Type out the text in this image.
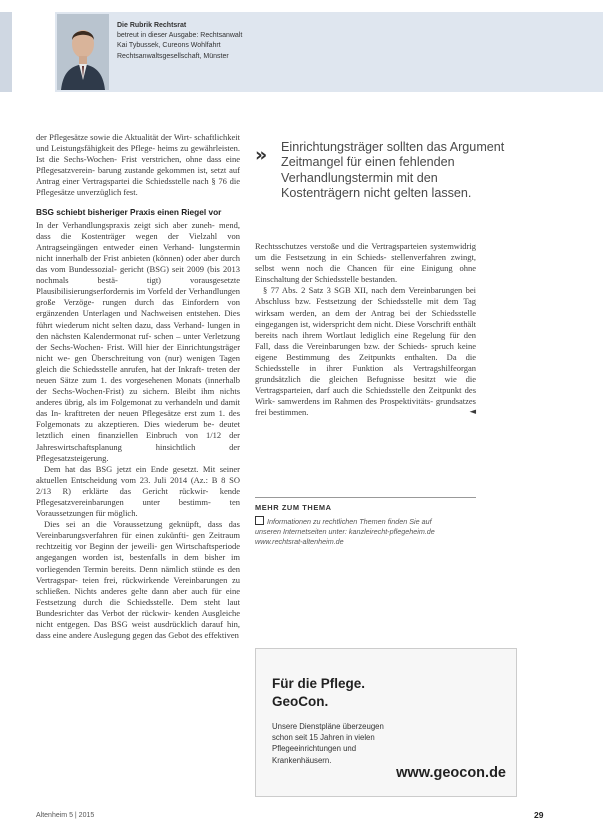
Die Rubrik Rechtsrat
betreut in dieser Ausgabe: Rechtsanwalt
Kai Tybussek, Cureons Wohlfahrt
Rechtsanwaltsgesellschaft, Münster

der Pflegesätze sowie die Aktualität der Wirt- schaftlichkeit und Leistungsfähigkeit des Pflege- heims zu gewährleisten. Ist die Sechs-Wochen- Frist verstrichen, ohne dass eine Pflegesatzverein- barung zustande gekommen ist, setzt auf Antrag einer Vertragspartei die Schiedsstelle nach § 76 die Pflegesätze unverzüglich fest.

BSG schiebt bisheriger Praxis einen Riegel vor

In der Verhandlungspraxis zeigt sich aber zuneh- mend, dass die Kostenträger wegen der Vielzahl von Antragseingängen entweder einen Verhand- lungstermin nicht innerhalb der Frist anbieten (können) oder aber durch das vom Bundessozial- gericht (BSG) seit 2009 (bis 2013 nochmals bestä-	tigt) vorausgesetzte Plausibilisierungserfordernis im Vorfeld der Verhandlungen große Verzöge- rungen durch das Einfordern von ergänzenden Unterlagen und Nachweisen entstehen. Dies führt wiederum nicht selten dazu, dass Verhand- lungen in den nächsten Kalendermonat ruf- schen – unter Verletzung der Sechs-Wochen- Frist. Will hier der Einrichtungsträger nicht we- gen Überschreitung von (nur) wenigen Tagen gleich die Schiedsstelle anrufen, hat der Inkraft- treten der neuen Sätze zum 1. des vorgesehenen Monats (innerhalb der Sechs-Wochen-Frist) zu sichern. Bleibt ihm nichts anderes übrig, als im Folgemonat zu verhandeln und damit das In- krafttreten der neuen Pflegesätze erst zum 1. des Folgemonats zu akzeptieren. Dies wiederum be- deutet letztlich einen finanziellen Einbruch von 1/12 der Jahreswirtschaftsplanung hinsichtlich der Pflegesatzsteigerung.

Dem hat das BSG jetzt ein Ende gesetzt. Mit seiner aktuellen Entscheidung vom 23. Juli 2014 (Az.: B 8 SO 2/13 R) erklärte das Gericht rückwir- kende Pflegesatzvereinbarungen unter bestimm- ten Voraussetzungen für möglich.

Dies sei an die Voraussetzung geknüpft, dass das Vereinbarungsverfahren für einen zukünfti- gen Zeitraum rechtzeitig vor Beginn der jeweili- gen Wirtschaftsperiode angegangen worden ist, bestenfalls in dem bisher im vorliegenden Termin bereits. Denn nämlich stünde es den Vertragspar- teien frei, rückwirkende Vereinbarungen zu schließen. Nichts anderes gelte dann aber auch für eine Festsetzung durch die Schiedsstelle. Dem steht laut Bundesrichter das Verbot der rückwir- kenden Ausgleiche nicht entgegen. Das BSG weist ausdrücklich darauf hin, dass eine andere Auslegung gegen das Gebot des effektiven

» Einrichtungsträger sollten das Argument Zeitmangel für einen fehlenden Verhandlungstermin mit den Kostenträgern nicht gelten lassen.

Rechtsschutzes verstoße und die Vertragsparteien systemwidrig um die Festsetzung in ein Schieds- stellenverfahren zwingt, selbst wenn noch die Chancen für eine Einigung ohne Einschaltung der Schiedsstelle bestanden.

§ 77 Abs. 2 Satz 3 SGB XII, nach dem Vereinbarungen bei Abschluss bzw. Festsetzung der Schiedsstelle mit dem Tag wirksam werden, an dem der Antrag bei der Schiedsstelle eingegangen ist, widerspricht dem nicht. Diese Vorschrift enthält bereits nach ihrem Wortlaut lediglich eine Regelung für den Fall, dass die Vereinbarungen bzw. der Schieds- spruch keine eigene Bestimmung des Zeitpunkts enthalten. Da die Schiedsstelle in ihrer Funktion als Vertragshilfeorgan grundsätzlich die gleichen Befugnisse besitzt wie die Vertragsparteien, darf auch die Schiedsstelle den Zeitpunkt des Wirk- samwerdens im Rahmen des Prospektivitäts- grundsatzes frei bestimmen.	◄

MEHR ZUM THEMA
Informationen zu rechtlichen Themen finden Sie auf
unseren Internetseiten unter: kanzleirecht-pflegeheim.de
www.rechtsrat-altenheim.de
Für die Pflege.
GeoCon.
Unsere Dienstpläne überzeugen
schon seit 15 Jahren in vielen
Pflegeeinrichtungen und
Krankenhäusern.
www.geocon.de
Altenheim 5 | 2015	29
